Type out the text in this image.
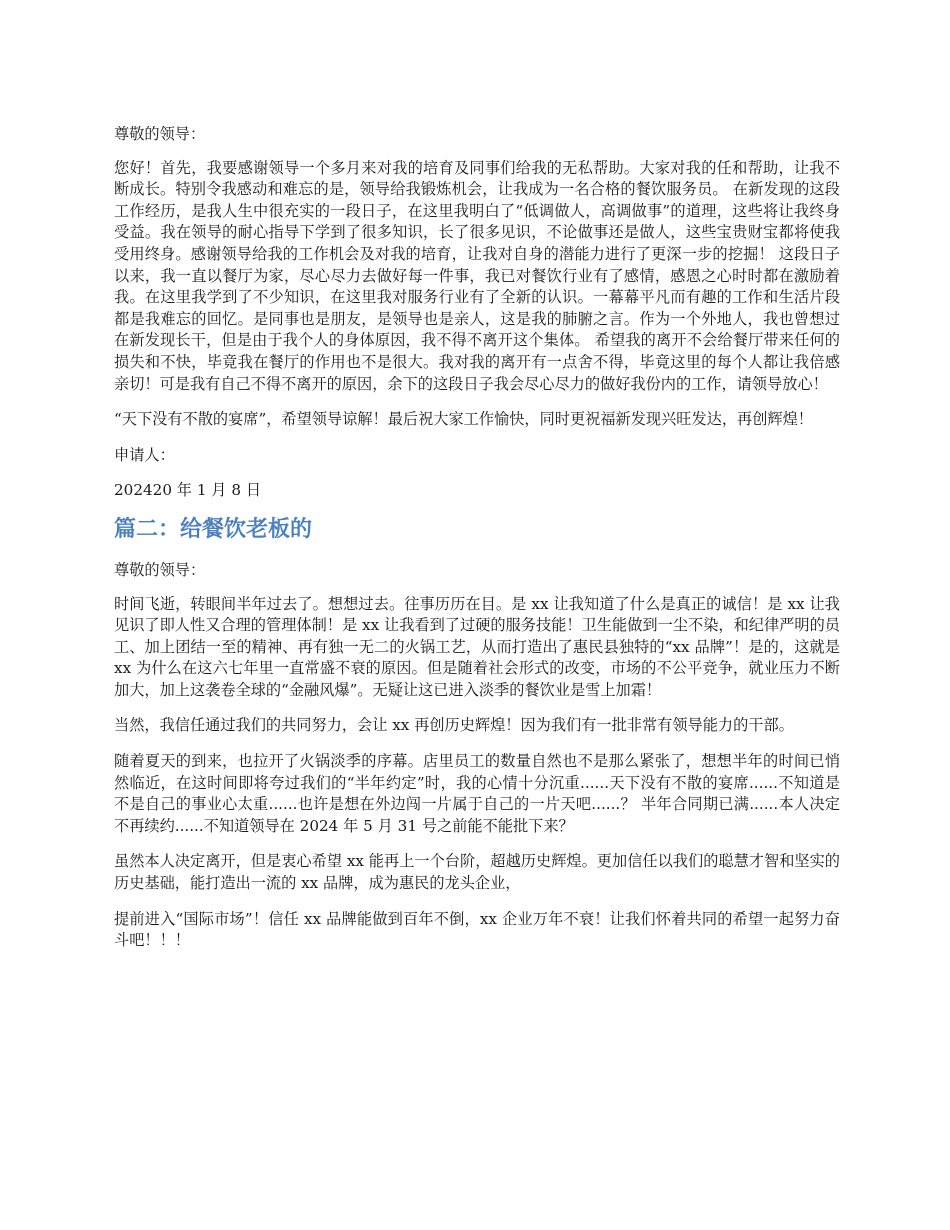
尊敬的领导：

您好！首先，我要感谢领导一个多月来对我的培育及同事们给我的无私帮助。大家对我的任和帮助，让我不断成长。特别令我感动和难忘的是，领导给我锻炼机会，让我成为一名合格的餐饮服务员。 在新发现的这段工作经历，是我人生中很充实的一段日子，在这里我明白了“低调做人，高调做事”的道理，这些将让我终身受益。我在领导的耐心指导下学到了很多知识，长了很多见识，不论做事还是做人，这些宝贵财宝都将使我受用终身。感谢领导给我的工作机会及对我的培育，让我对自身的潜能力进行了更深一步的挖掘！ 这段日子以来，我一直以餐厅为家，尽心尽力去做好每一件事，我已对餐饮行业有了感情，感恩之心时时都在激励着我。在这里我学到了不少知识，在这里我对服务行业有了全新的认识。一幕幕平凡而有趣的工作和生活片段都是我难忘的回忆。是同事也是朋友，是领导也是亲人，这是我的肺腑之言。作为一个外地人，我也曾想过在新发现长干，但是由于我个人的身体原因，我不得不离开这个集体。 希望我的离开不会给餐厅带来任何的损失和不快，毕竟我在餐厅的作用也不是很大。我对我的离开有一点舍不得，毕竟这里的每个人都让我倍感亲切！可是我有自己不得不离开的原因，余下的这段日子我会尽心尽力的做好我份内的工作，请领导放心！

“天下没有不散的宴席”，希望领导谅解！最后祝大家工作愉快，同时更祝福新发现兴旺发达，再创辉煌！

申请人：

202420 年 1 月 8 日

篇二：给餐饮老板的

尊敬的领导：

时间飞逝，转眼间半年过去了。想想过去。往事历历在目。是 xx 让我知道了什么是真正的诚信！是 xx 让我见识了即人性又合理的管理体制！是 xx 让我看到了过硬的服务技能！卫生能做到一尘不染，和纪律严明的员工、加上团结一至的精神、再有独一无二的火锅工艺，从而打造出了惠民县独特的“xx 品牌”！是的，这就是 xx 为什么在这六七年里一直常盛不衰的原因。但是随着社会形式的改变，市场的不公平竞争，就业压力不断加大，加上这袭卷全球的“金融风爆”。无疑让这已进入淡季的餐饮业是雪上加霜！

当然，我信任通过我们的共同努力，会让 xx 再创历史辉煌！因为我们有一批非常有领导能力的干部。

随着夏天的到来，也拉开了火锅淡季的序幕。店里员工的数量自然也不是那么紧张了，想想半年的时间已悄然临近，在这时间即将夸过我们的“半年约定”时，我的心情十分沉重......天下没有不散的宴席......不知道是不是自己的事业心太重......也许是想在外边闯一片属于自己的一片天吧......？ 半年合同期已满......本人决定不再续约......不知道领导在 2024 年 5 月 31 号之前能不能批下来？

虽然本人决定离开，但是衷心希望 xx 能再上一个台阶，超越历史辉煌。更加信任以我们的聪慧才智和坚实的历史基础，能打造出一流的 xx 品牌，成为惠民的龙头企业，

提前进入“国际市场”！信任 xx 品牌能做到百年不倒，xx 企业万年不衰！让我们怀着共同的希望一起努力奋斗吧！！！
